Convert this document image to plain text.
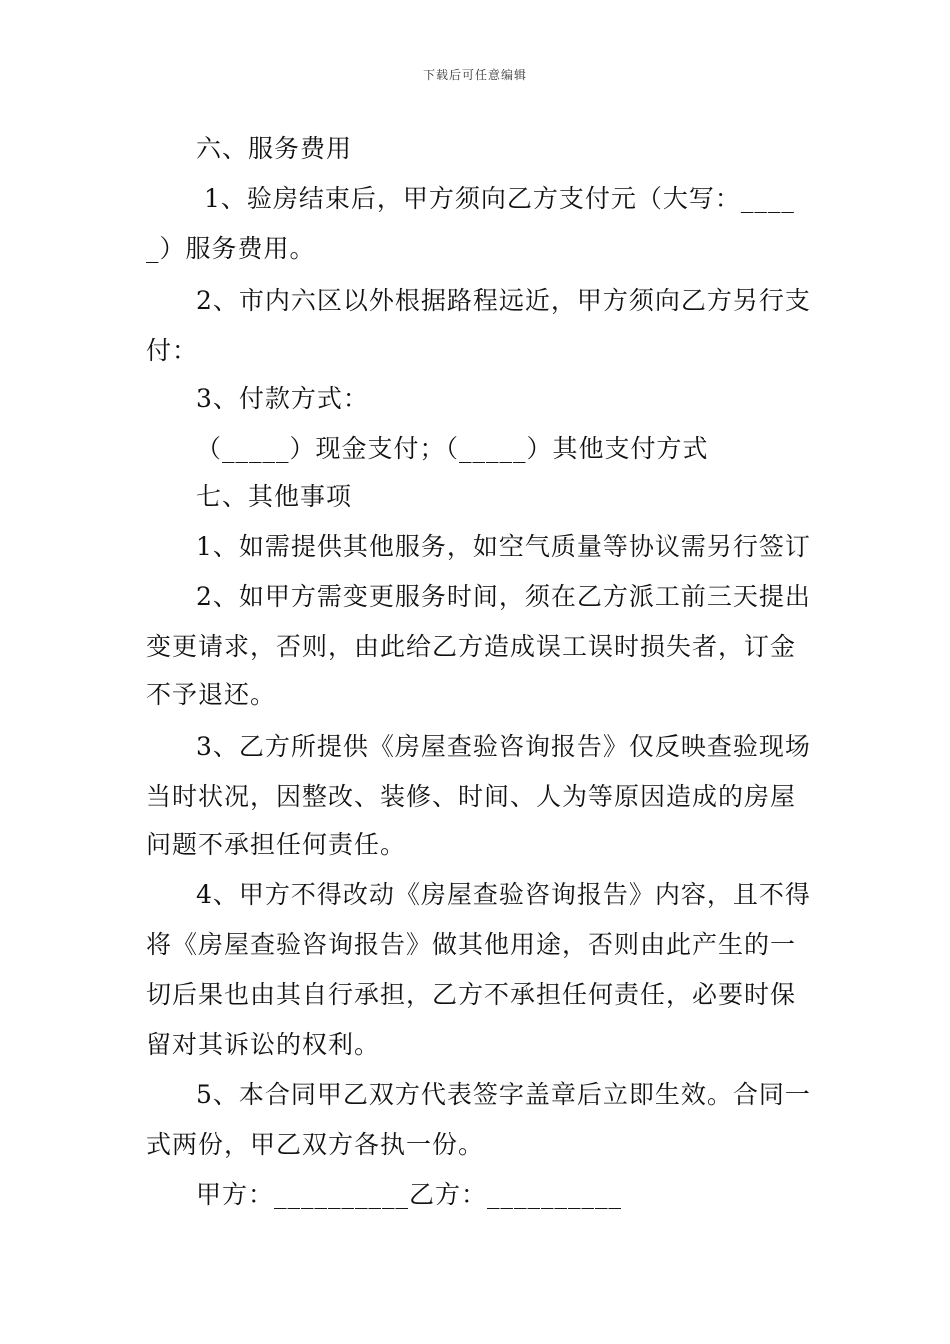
下载后可任意编辑
六、服务费用
1、验房结束后，甲方须向乙方支付元（大写：____
_）服务费用。
2、市内六区以外根据路程远近，甲方须向乙方另行支
付：
3、付款方式：
（_____）现金支付；（_____）其他支付方式
七、其他事项
1、如需提供其他服务，如空气质量等协议需另行签订
2、如甲方需变更服务时间，须在乙方派工前三天提出
变更请求，否则，由此给乙方造成误工误时损失者，订金
不予退还。
3、乙方所提供《房屋查验咨询报告》仅反映查验现场
当时状况，因整改、装修、时间、人为等原因造成的房屋
问题不承担任何责任。
4、甲方不得改动《房屋查验咨询报告》内容，且不得
将《房屋查验咨询报告》做其他用途，否则由此产生的一
切后果也由其自行承担，乙方不承担任何责任，必要时保
留对其诉讼的权利。
5、本合同甲乙双方代表签字盖章后立即生效。合同一
式两份，甲乙双方各执一份。
甲方：__________乙方：__________
